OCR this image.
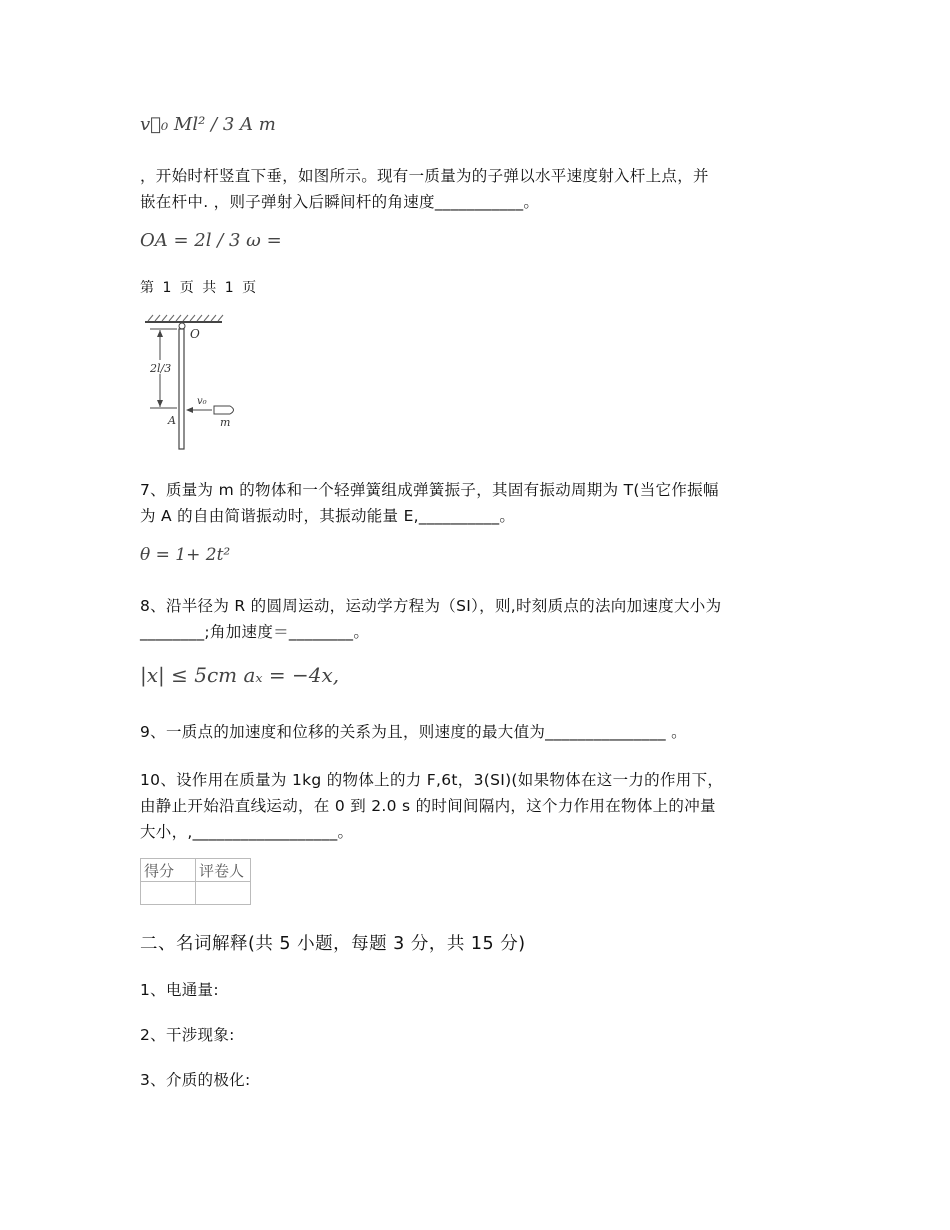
v⃗₀ Ml² / 3 A m
，开始时杆竖直下垂，如图所示。现有一质量为的子弹以水平速度射入杆上点，并
嵌在杆中. ，则子弹射入后瞬间杆的角速度___________。
OA = 2l / 3 ω =
第 1 页 共 1 页
2l/3
O
A
v₀
m
7、质量为 m 的物体和一个轻弹簧组成弹簧振子，其固有振动周期为 T(当它作振幅
为 A 的自由简谐振动时，其振动能量 E,__________。
θ = 1+ 2t²
8、沿半径为 R 的圆周运动，运动学方程为（SI），则,时刻质点的法向加速度大小为
________;角加速度＝________。
|x| ≤ 5cm aₓ = −4x,
9、一质点的加速度和位移的关系为且，则速度的最大值为_______________ 。
10、设作用在质量为 1kg 的物体上的力 F,6t，3(SI)(如果物体在这一力的作用下，
由静止开始沿直线运动，在 0 到 2.0 s 的时间间隔内，这个力作用在物体上的冲量
大小，,__________________。
得分	评卷人

二、名词解释(共 5 小题，每题 3 分，共 15 分)
1、电通量:
2、干涉现象:
3、介质的极化:
